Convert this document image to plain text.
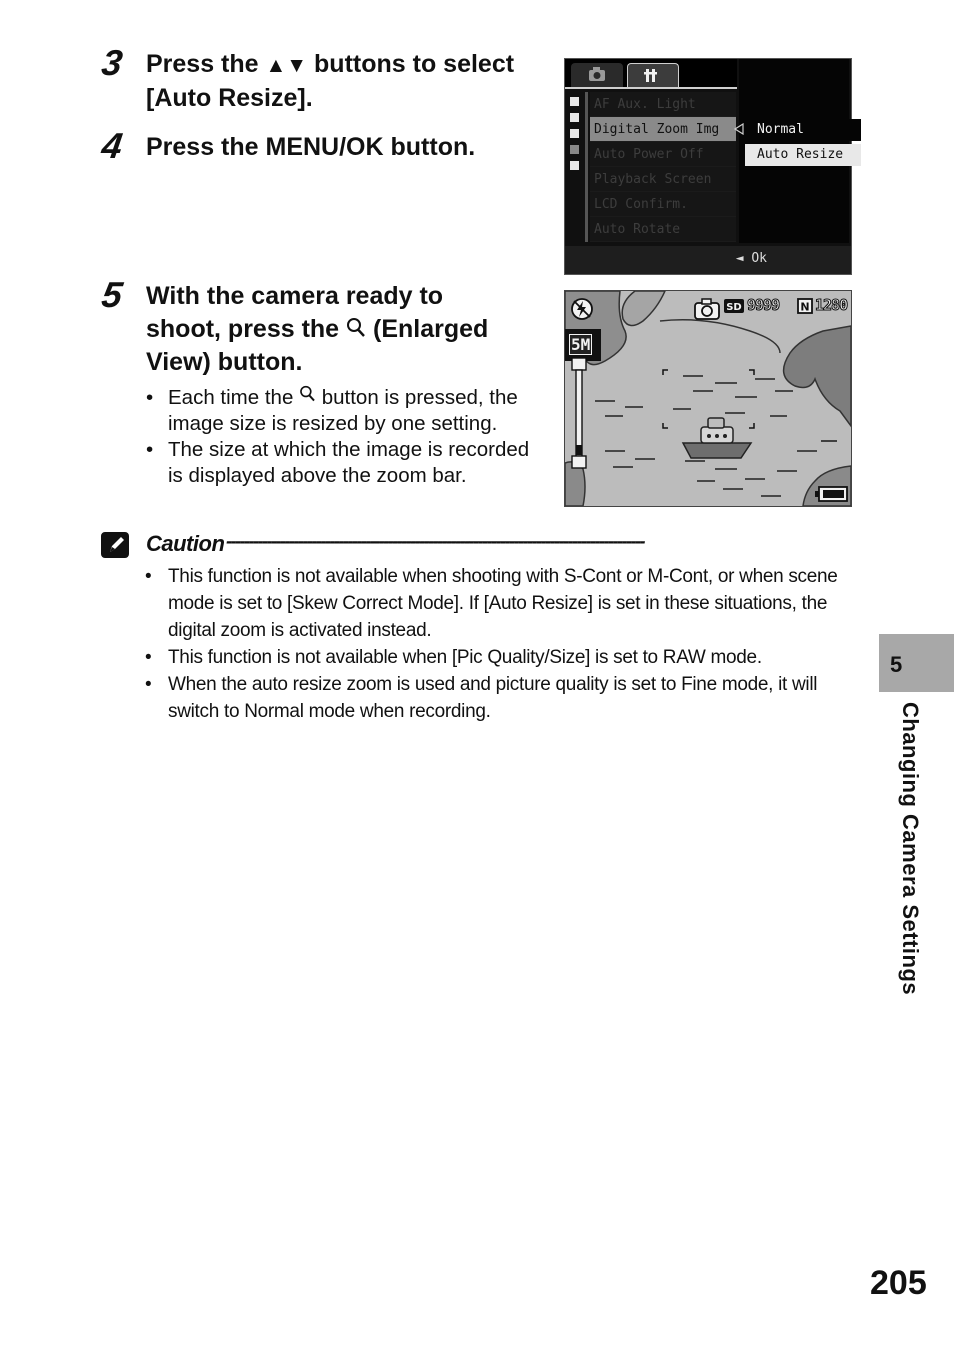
3 Press the ▲▼ buttons to select
[Auto Resize].
4 Press the MENU/OK button.
5 With the camera ready to
shoot, press the  (Enlarged
View) button.
• Each time the  button is pressed, the image size is resized by one setting.
• The size at which the image is recorded is displayed above the zoom bar.
AF Aux. Light
Digital Zoom Img
Auto Power Off
Playback Screen
LCD Confirm.
Auto Rotate
Normal
Auto Resize
◄ Ok
SD 9999 N 1280
5M
Caution ---------------------------------------------------------------------------------------------
• This function is not available when shooting with S-Cont or M-Cont, or when scene mode is set to [Skew Correct Mode]. If [Auto Resize] is set in these situations, the digital zoom is activated instead.
• This function is not available when [Pic Quality/Size] is set to RAW mode.
• When the auto resize zoom is used and picture quality is set to Fine mode, it will switch to Normal mode when recording.
5
Changing Camera Settings
205
